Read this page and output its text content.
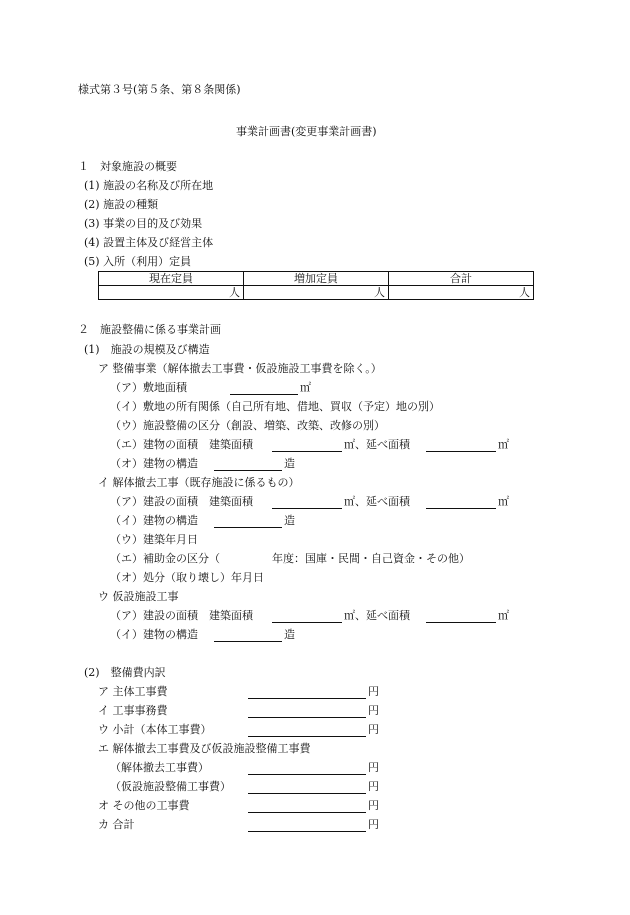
様式第３号(第５条、第８条関係)
事業計画書(変更事業計画書)
１　対象施設の概要
(1) 施設の名称及び所在地
(2) 施設の種類
(3) 事業の目的及び効果
(4) 設置主体及び経営主体
(5) 入所（利用）定員
現在定員	増加定員	合計
人	人	人
２　施設整備に係る事業計画
(1)　施設の規模及び構造
ア 整備事業（解体撤去工事費・仮設施設工事費を除く。）
（ア）敷地面積	㎡
（イ）敷地の所有関係（自己所有地、借地、買収（予定）地の別）
（ウ）施設整備の区分（創設、増築、改築、改修の別）
（エ）建物の面積　建築面積	㎡、延べ面積	㎡
（オ）建物の構造	造
イ 解体撤去工事（既存施設に係るもの）
（ア）建設の面積　建築面積	㎡、延べ面積	㎡
（イ）建物の構造	造
（ウ）建築年月日
（エ）補助金の区分（	年度：国庫・民間・自己資金・その他）
（オ）処分（取り壊し）年月日
ウ 仮設施設工事
（ア）建設の面積　建築面積	㎡、延べ面積	㎡
（イ）建物の構造	造
(2)　整備費内訳
ア 主体工事費	円
イ 工事事務費	円
ウ 小計（本体工事費）	円
エ 解体撤去工事費及び仮設施設整備工事費
（解体撤去工事費）	円
（仮設施設整備工事費）	円
オ その他の工事費	円
カ 合計	円
